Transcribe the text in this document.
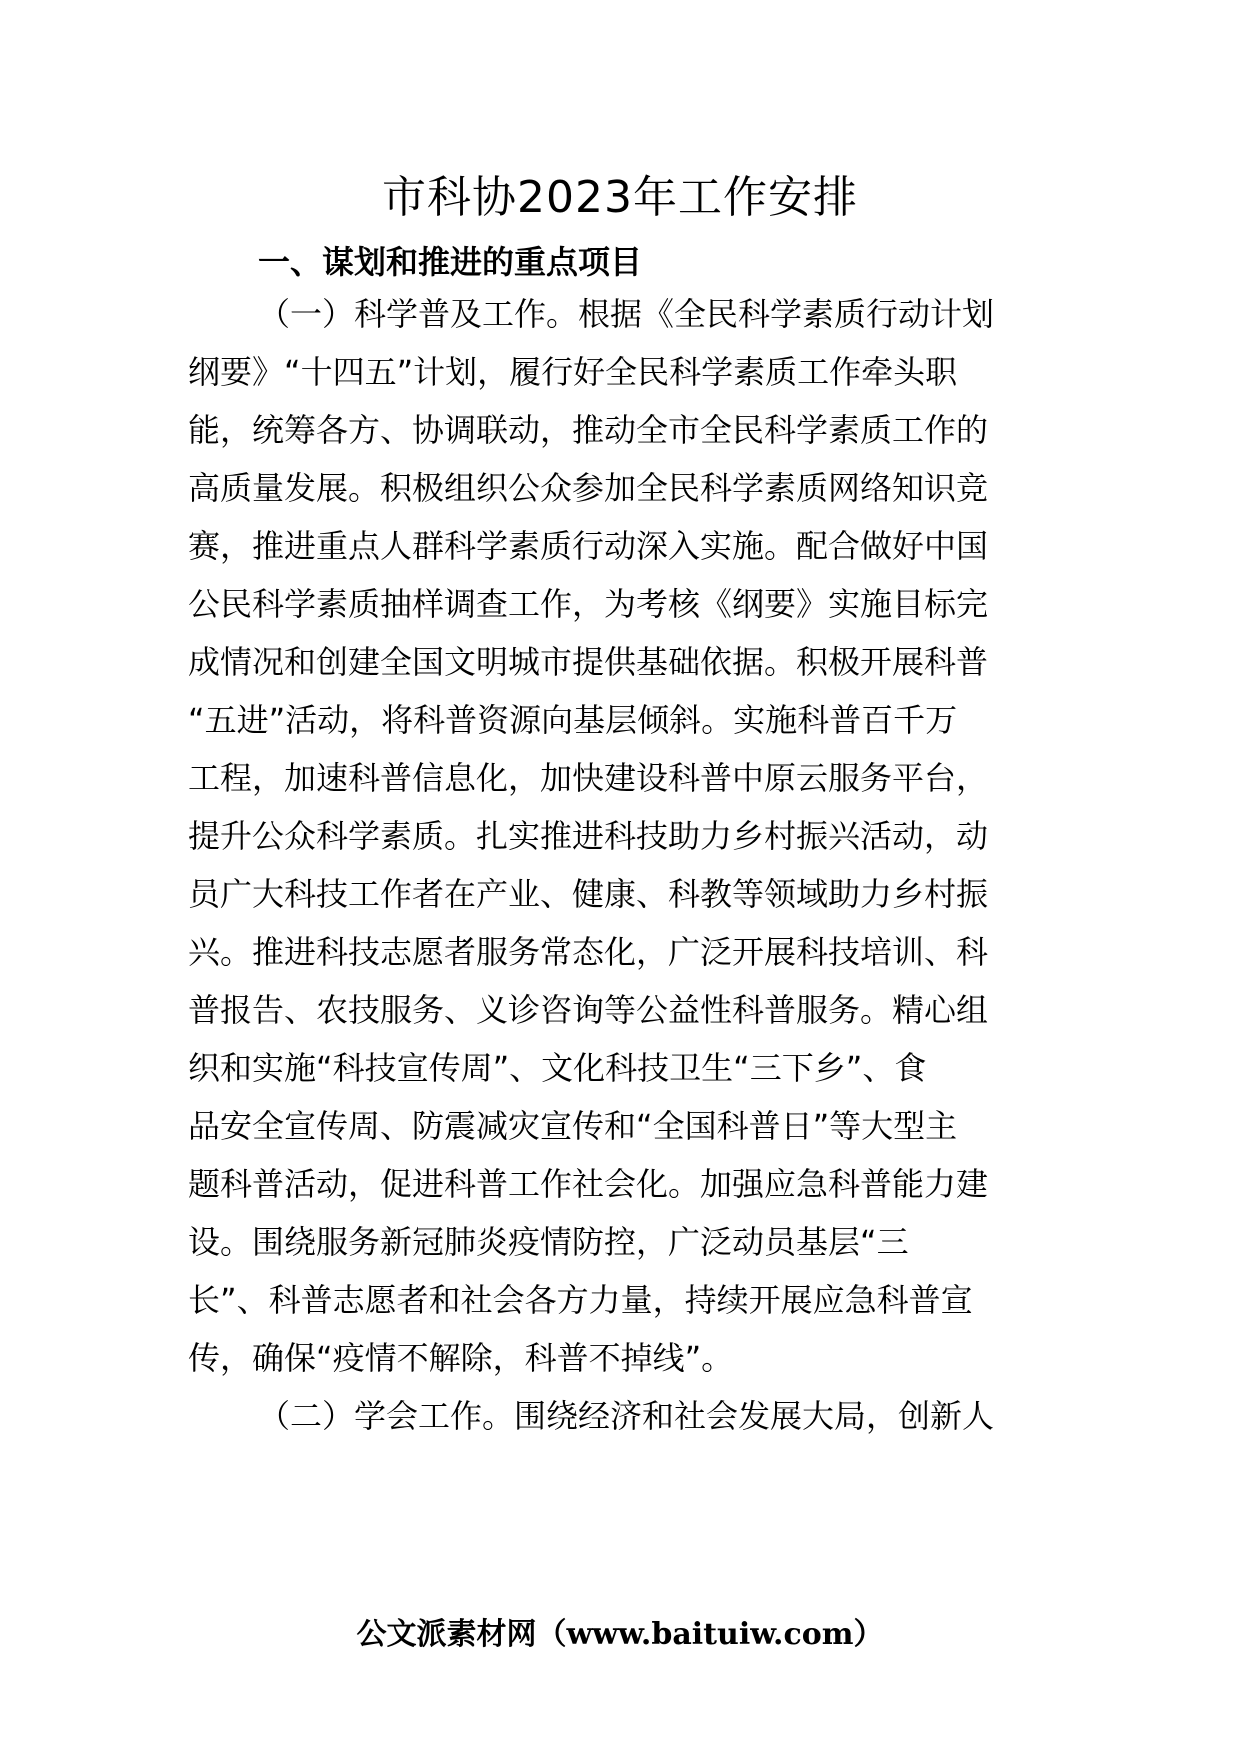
市科协2023年工作安排
一、谋划和推进的重点项目
（一）科学普及工作。根据《全民科学素质行动计划
纲要》“十四五”计划，履行好全民科学素质工作牵头职
能，统筹各方、协调联动，推动全市全民科学素质工作的
高质量发展。积极组织公众参加全民科学素质网络知识竞
赛，推进重点人群科学素质行动深入实施。配合做好中国
公民科学素质抽样调查工作，为考核《纲要》实施目标完
成情况和创建全国文明城市提供基础依据。积极开展科普
“五进”活动，将科普资源向基层倾斜。实施科普百千万
工程，加速科普信息化，加快建设科普中原云服务平台，
提升公众科学素质。扎实推进科技助力乡村振兴活动，动
员广大科技工作者在产业、健康、科教等领域助力乡村振
兴。推进科技志愿者服务常态化，广泛开展科技培训、科
普报告、农技服务、义诊咨询等公益性科普服务。精心组
织和实施“科技宣传周”、文化科技卫生“三下乡”、食
品安全宣传周、防震减灾宣传和“全国科普日”等大型主
题科普活动，促进科普工作社会化。加强应急科普能力建
设。围绕服务新冠肺炎疫情防控，广泛动员基层“三
长”、科普志愿者和社会各方力量，持续开展应急科普宣
传，确保“疫情不解除，科普不掉线”。
（二）学会工作。围绕经济和社会发展大局，创新人
公文派素材网（www.baituiw.com）
